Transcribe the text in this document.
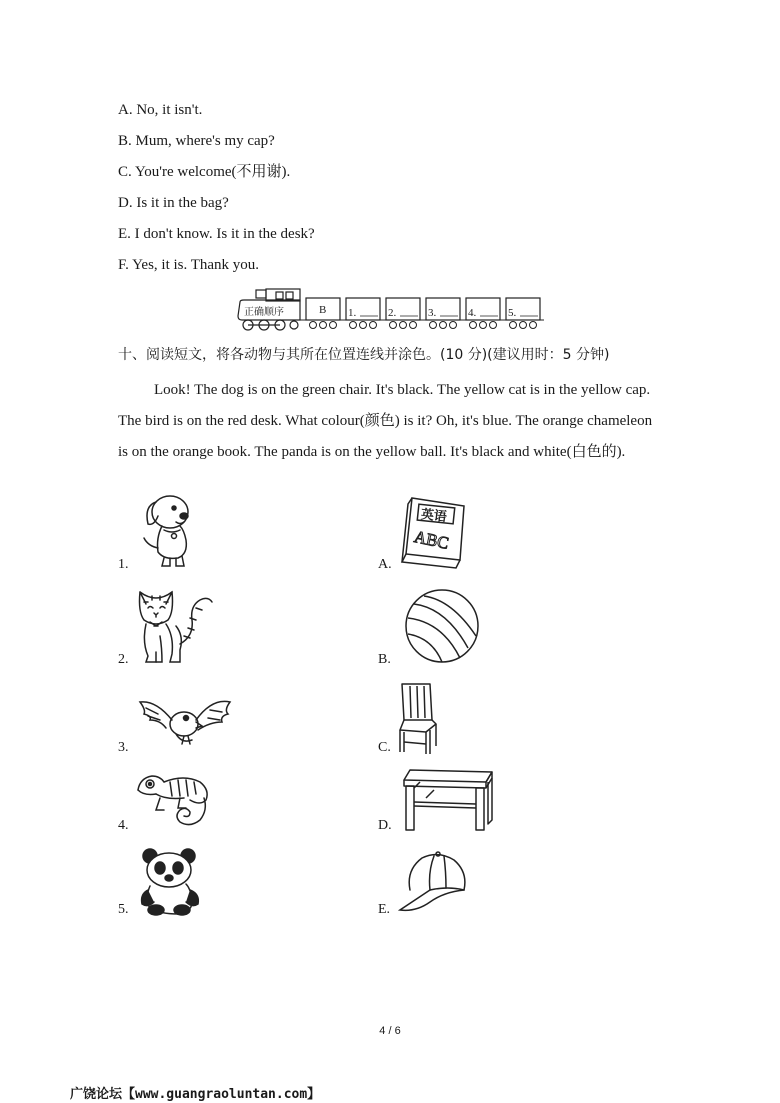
A. No, it isn't.
B. Mum, where's my cap?
C. You're welcome(不用谢).
D. Is it in the bag?
E. I don't know. Is it in the desk?
F. Yes, it is. Thank you.
正确顺序	B 1.	2.	3.	4.	5.
十、阅读短文，将各动物与其所在位置连线并涂色。(10 分)(建议用时：5 分钟)
Look! The dog is on the green chair. It's black. The yellow cat is in the yellow cap. The bird is on the red desk. What colour(颜色) is it? Oh, it's blue. The orange chameleon is on the orange book. The panda is on the yellow ball. It's black and white(白色的).
1.
2.
3.
4.
5.
A.
B.
C.
D.
E.
英语
ABC
4 / 6
广饶论坛【www.guangraoluntan.com】
